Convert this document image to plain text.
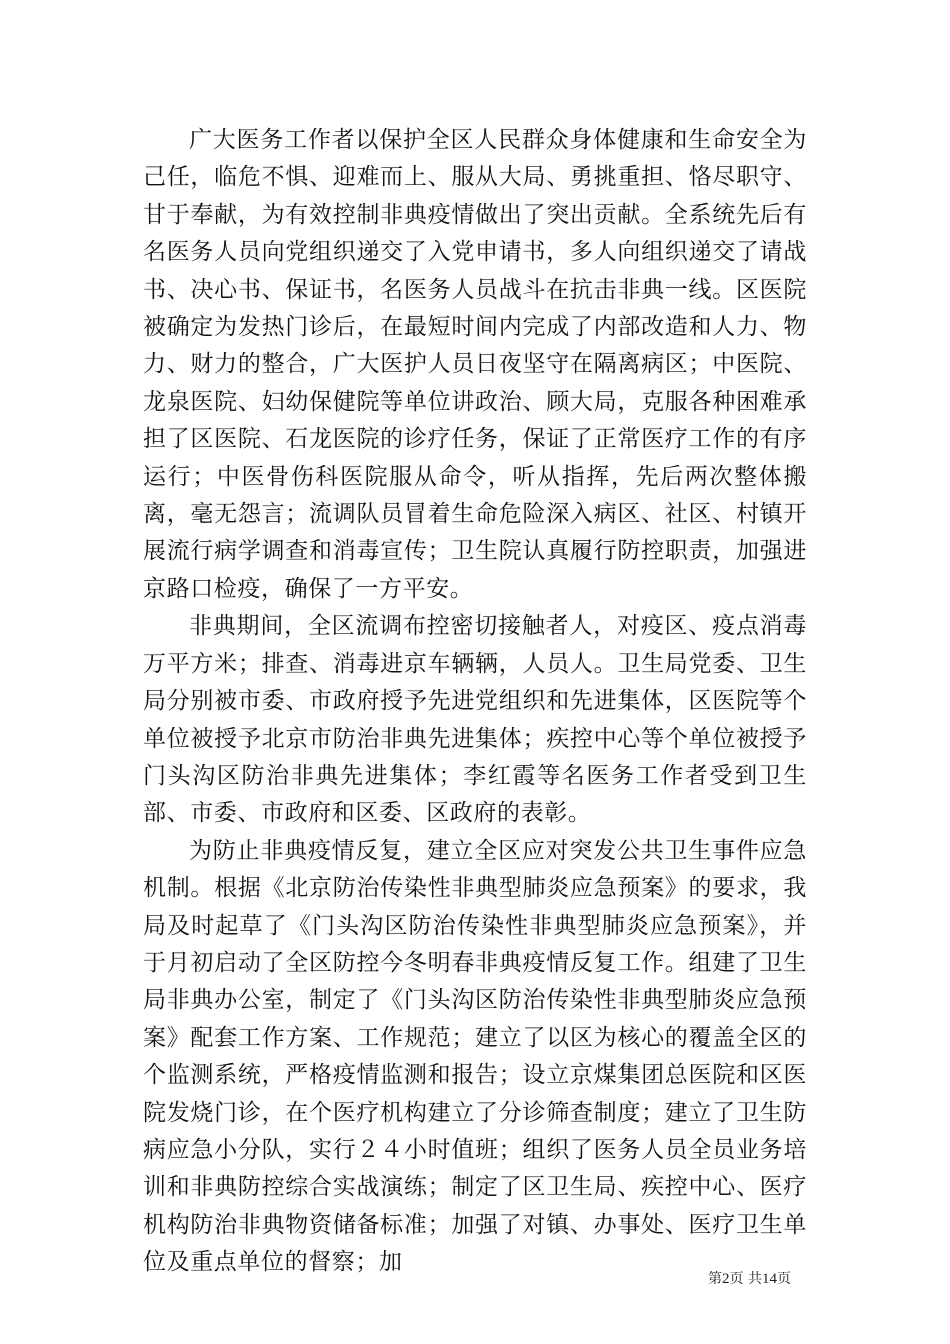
广大医务工作者以保护全区人民群众身体健康和生命安全为己任，临危不惧、迎难而上、服从大局、勇挑重担、恪尽职守、甘于奉献，为有效控制非典疫情做出了突出贡献。全系统先后有名医务人员向党组织递交了入党申请书，多人向组织递交了请战书、决心书、保证书，名医务人员战斗在抗击非典一线。区医院被确定为发热门诊后，在最短时间内完成了内部改造和人力、物力、财力的整合，广大医护人员日夜坚守在隔离病区；中医院、龙泉医院、妇幼保健院等单位讲政治、顾大局，克服各种困难承担了区医院、石龙医院的诊疗任务，保证了正常医疗工作的有序运行；中医骨伤科医院服从命令，听从指挥，先后两次整体搬离，毫无怨言；流调队员冒着生命危险深入病区、社区、村镇开展流行病学调查和消毒宣传；卫生院认真履行防控职责，加强进京路口检疫，确保了一方平安。

非典期间，全区流调布控密切接触者人，对疫区、疫点消毒万平方米；排查、消毒进京车辆辆，人员人。卫生局党委、卫生局分别被市委、市政府授予先进党组织和先进集体，区医院等个单位被授予北京市防治非典先进集体；疾控中心等个单位被授予门头沟区防治非典先进集体；李红霞等名医务工作者受到卫生部、市委、市政府和区委、区政府的表彰。

为防止非典疫情反复，建立全区应对突发公共卫生事件应急机制。根据《北京防治传染性非典型肺炎应急预案》的要求，我局及时起草了《门头沟区防治传染性非典型肺炎应急预案》，并于月初启动了全区防控今冬明春非典疫情反复工作。组建了卫生局非典办公室，制定了《门头沟区防治传染性非典型肺炎应急预案》配套工作方案、工作规范；建立了以区为核心的覆盖全区的个监测系统，严格疫情监测和报告；设立京煤集团总医院和区医院发烧门诊，在个医疗机构建立了分诊筛查制度；建立了卫生防病应急小分队，实行２４小时值班；组织了医务人员全员业务培训和非典防控综合实战演练；制定了区卫生局、疾控中心、医疗机构防治非典物资储备标准；加强了对镇、办事处、医疗卫生单位及重点单位的督察；加

第2页 共14页
